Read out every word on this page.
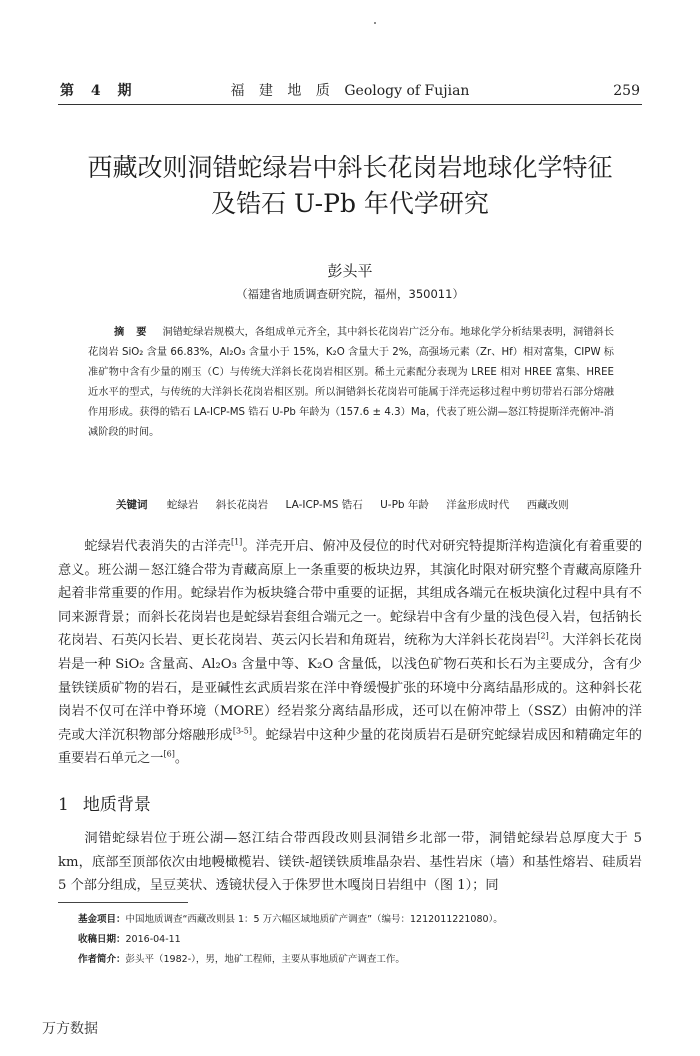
第 4 期	福 建 地 质 Geology of Fujian	259
西藏改则洞错蛇绿岩中斜长花岗岩地球化学特征
及锆石 U-Pb 年代学研究
彭头平
（福建省地质调查研究院，福州，350011）
摘要 洞错蛇绿岩规模大，各组成单元齐全，其中斜长花岗岩广泛分布。地球化学分析结果表明，洞错斜长花岗岩 SiO₂ 含量 66.83%，Al₂O₃ 含量小于 15%，K₂O 含量大于 2%，高强场元素（Zr、Hf）相对富集，CIPW 标准矿物中含有少量的刚玉（C）与传统大洋斜长花岗岩相区别。稀土元素配分表现为 LREE 相对 HREE 富集、HREE 近水平的型式，与传统的大洋斜长花岗岩相区别。所以洞错斜长花岗岩可能属于洋壳运移过程中剪切带岩石部分熔融作用形成。获得的锆石 LA-ICP-MS 锆石 U-Pb 年龄为（157.6 ± 4.3）Ma，代表了班公湖—怒江特提斯洋壳俯冲-消减阶段的时间。
关键词 蛇绿岩 斜长花岗岩 LA-ICP-MS 锆石 U-Pb 年龄 洋盆形成时代 西藏改则

蛇绿岩代表消失的古洋壳[1]。洋壳开启、俯冲及侵位的时代对研究特提斯洋构造演化有着重要的意义。班公湖－怒江缝合带为青藏高原上一条重要的板块边界，其演化时限对研究整个青藏高原隆升起着非常重要的作用。蛇绿岩作为板块缝合带中重要的证据，其组成各端元在板块演化过程中具有不同来源背景；而斜长花岗岩也是蛇绿岩套组合端元之一。蛇绿岩中含有少量的浅色侵入岩，包括钠长花岗岩、石英闪长岩、更长花岗岩、英云闪长岩和角斑岩，统称为大洋斜长花岗岩[2]。大洋斜长花岗岩是一种 SiO₂ 含量高、Al₂O₃ 含量中等、K₂O 含量低，以浅色矿物石英和长石为主要成分，含有少量铁镁质矿物的岩石，是亚碱性玄武质岩浆在洋中脊缓慢扩张的环境中分离结晶形成的。这种斜长花岗岩不仅可在洋中脊环境（MORE）经岩浆分离结晶形成，还可以在俯冲带上（SSZ）由俯冲的洋壳或大洋沉积物部分熔融形成[3-5]。蛇绿岩中这种少量的花岗质岩石是研究蛇绿岩成因和精确定年的重要岩石单元之一[6]。

1 地质背景

洞错蛇绿岩位于班公湖—怒江结合带西段改则县洞错乡北部一带，洞错蛇绿岩总厚度大于 5 km，底部至顶部依次由地幔橄榄岩、镁铁-超镁铁质堆晶杂岩、基性岩床（墙）和基性熔岩、硅质岩 5 个部分组成，呈豆荚状、透镜状侵入于侏罗世木嘎岗日岩组中（图 1）；同

基金项目：中国地质调查“西藏改则县 1：5 万六幅区域地质矿产调查”（编号：1212011221080）。
收稿日期：2016-04-11
作者简介：彭头平（1982-），男，地矿工程师，主要从事地质矿产调查工作。
万方数据
